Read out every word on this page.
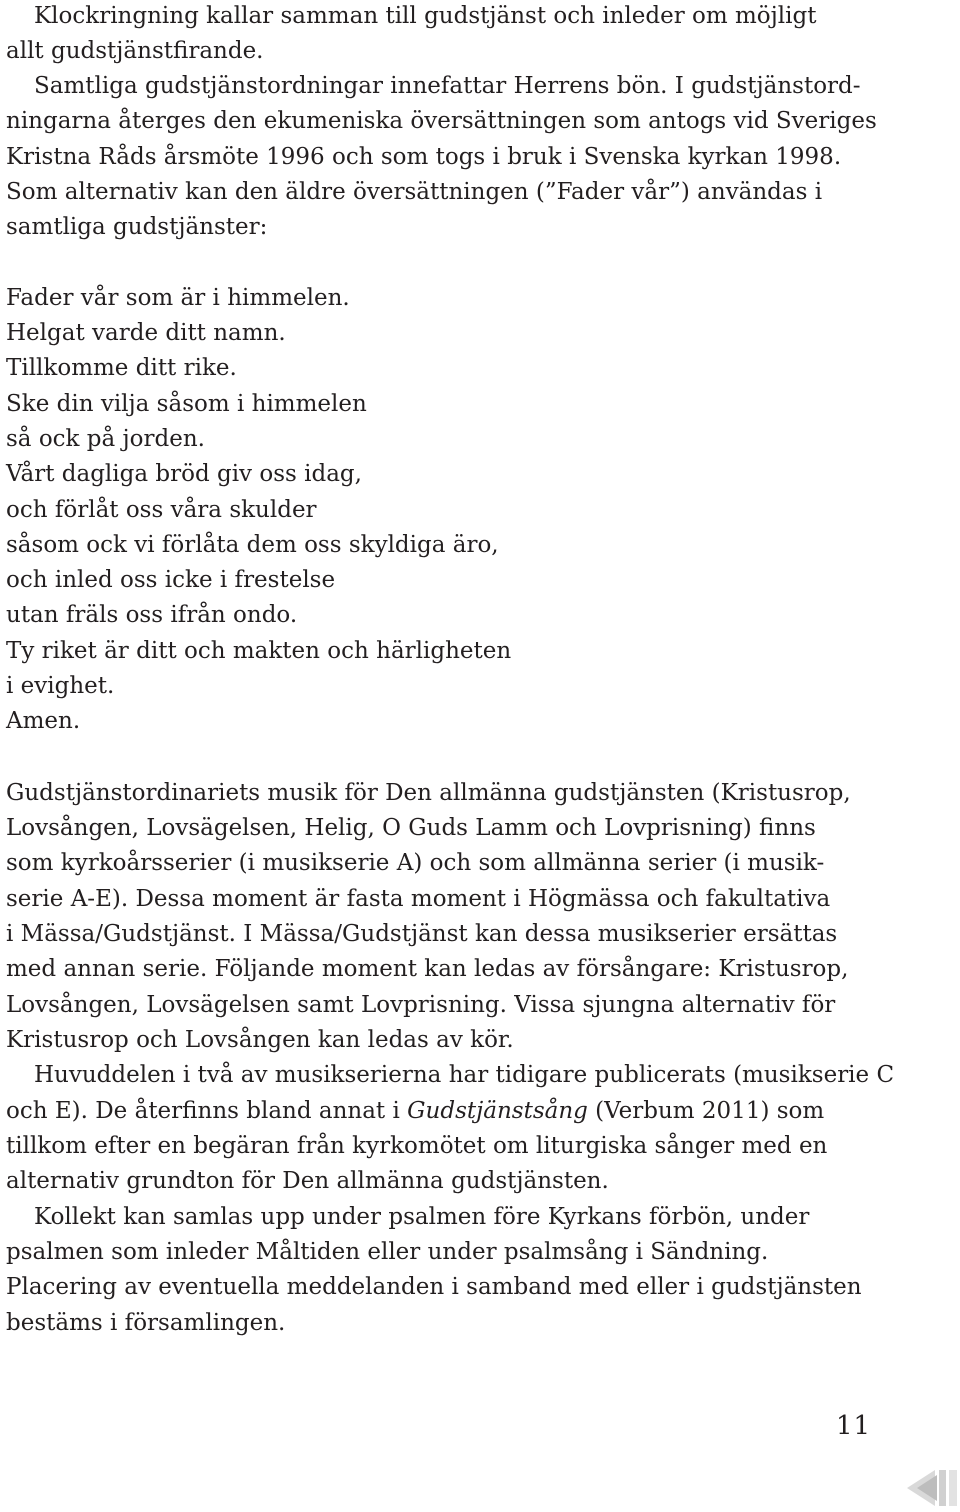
Klockringning kallar samman till gudstjänst och inleder om möjligt
allt gudstjänstfirande.
Samtliga gudstjänstordningar innefattar Herrens bön. I gudstjänstord-
ningarna återges den ekumeniska översättningen som antogs vid Sveriges
Kristna Råds årsmöte 1996 och som togs i bruk i Svenska kyrkan 1998.
Som alternativ kan den äldre översättningen (”Fader vår”) användas i
samtliga gudstjänster:
Fader vår som är i himmelen.
Helgat varde ditt namn.
Tillkomme ditt rike.
Ske din vilja såsom i himmelen
så ock på jorden.
Vårt dagliga bröd giv oss idag,
och förlåt oss våra skulder
såsom ock vi förlåta dem oss skyldiga äro,
och inled oss icke i frestelse
utan fräls oss ifrån ondo.
Ty riket är ditt och makten och härligheten
i evighet.
Amen.
Gudstjänstordinariets musik för Den allmänna gudstjänsten (Kristusrop,
Lovsången, Lovsägelsen, Helig, O Guds Lamm och Lovprisning) finns
som kyrkoårsserier (i musikserie A) och som allmänna serier (i musik-
serie A-E). Dessa moment är fasta moment i Högmässa och fakultativa
i Mässa/Gudstjänst. I Mässa/Gudstjänst kan dessa musikserier ersättas
med annan serie. Följande moment kan ledas av försångare: Kristusrop,
Lovsången, Lovsägelsen samt Lovprisning. Vissa sjungna alternativ för
Kristusrop och Lovsången kan ledas av kör.
Huvuddelen i två av musikserierna har tidigare publicerats (musikserie C
och E). De återfinns bland annat i Gudstjänstsång (Verbum 2011) som
tillkom efter en begäran från kyrkomötet om liturgiska sånger med en
alternativ grundton för Den allmänna gudstjänsten.
Kollekt kan samlas upp under psalmen före Kyrkans förbön, under
psalmen som inleder Måltiden eller under psalmsång i Sändning.
Placering av eventuella meddelanden i samband med eller i gudstjänsten
bestäms i församlingen.
11
